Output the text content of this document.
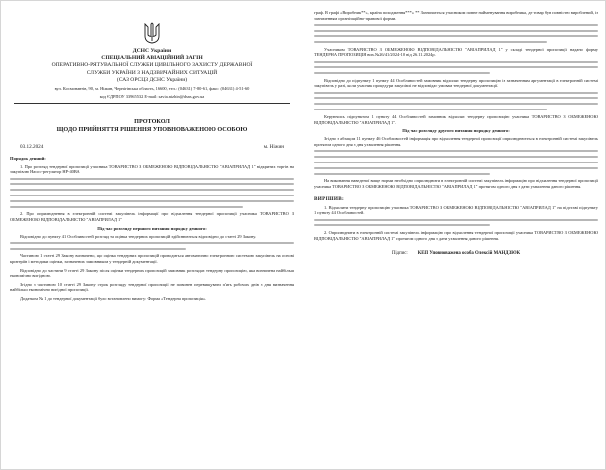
ДСНС України
СПЕЦІАЛЬНИЙ АВІАЦІЙНИЙ ЗАГІН
ОПЕРАТИВНО-РЯТУВАЛЬНОЇ СЛУЖБИ ЦИВІЛЬНОГО ЗАХИСТУ ДЕРЖАВНОЇ
СЛУЖБИ УКРАЇНИ З НАДЗВИЧАЙНИХ СИТУАЦІЙ
(САЗ ОРСЦЗ ДСНС України)
вул. Космонавтів, 90, м. Ніжин, Чернігівська область, 16600, тел.: (04631) 7-80-61, факс: (04631) 4-51-60
код ЄДРПОУ 33965532 E-mail: saviа.nizhin@dsns.gov.ua
ПРОТОКОЛ
ЩОДО ПРИЙНЯТТЯ РІШЕННЯ УПОВНОВАЖЕНОЮ ОСОБОЮ
03.12.2024	м. Ніжин
Порядок денний:
1. Про розгляд тендерної пропозиції учасника ТОВАРИСТВО З ОБМЕЖЕНОЮ ВІДПОВІДАЛЬНІСТЮ "АВІАПРИЛАД 1" відкритих торгів на закупівлю Насос-регулятор НР-40ВА
2. Про оприлюднення в електронній системі закупівель інформації про відхилення тендерної пропозиції учасника ТОВАРИСТВО З ОБМЕЖЕНОЮ ВІДПОВІДАЛЬНІСТЮ "АВІАПРИЛАД 1"
Під час розгляду першого питання порядку денного:
Відповідно до пункту 41 Особливостей розгляд та оцінка тендерних пропозицій здійснюються відповідно до статті 29 Закону.
Частиною 1 статті 29 Закону визначено, що оцінка тендерних пропозицій проводиться автоматично електронною системою закупівель на основі критеріїв і методики оцінки, зазначених замовником у тендерній документації.
Відповідно до частини 9 статті 29 Закону після оцінки тендерних пропозицій замовник розглядає тендерну пропозицію, яка визначена найбільш економічно вигідною.
Згідно з частиною 10 статті 29 Закону строк розгляду тендерної пропозиції не повинен перевищувати п'ять робочих днів з дня визначення найбільш економічно вигідної пропозиції.
Додатком № 1 до тендерної документації було встановлено вимогу: Форма «Тендерна пропозиція».
граф. В графі «Виробник**», країна походження***» ** Зазначається учасником повне найменування виробника, де товар був повністю вироблений, із зазначенням організаційно-правової форми.
Учасником ТОВАРИСТВО З ОБМЕЖЕНОЮ ВІДПОВІДАЛЬНІСТЮ "АВІАПРИЛАД 1" у складі тендерної пропозиції надано форму ТЕНДЕРНА ПРОПОЗИЦІЯ вих.№26/41/2024-10 від 26.11.2024р.
Відповідно до підпункту 1 пункту 44 Особливостей замовник відхиляє тендерну пропозицію із зазначенням аргументації в електронній системі закупівель у разі, коли учасник процедури закупівлі не відповідає умовам тендерної документації.
Керуючись підпунктом 1 пункту 44 Особливостей замовник відхиляє тендерну пропозицію учасника ТОВАРИСТВО З ОБМЕЖЕНОЮ ВІДПОВІДАЛЬНІСТЮ "АВІАПРИЛАД 1".
Під час розгляду другого питання порядку денного:
Згідно з абзацом 11 пункту 46 Особливостей інформація про відхилення тендерної пропозиції оприлюднюється в електронній системі закупівель протягом одного дня з дня ухвалення рішення.
На виконання наведеної вище норми необхідно оприлюднити в електронній системі закупівель інформацію про відхилення тендерної пропозиції учасника ТОВАРИСТВО З ОБМЕЖЕНОЮ ВІДПОВІДАЛЬНІСТЮ "АВІАПРИЛАД 1" протягом одного дня з дати ухвалення даного рішення.
ВИРІШИВ:
1. Відхилити тендерну пропозицію учасника ТОВАРИСТВО З ОБМЕЖЕНОЮ ВІДПОВІДАЛЬНІСТЮ "АВІАПРИЛАД 1" на підставі підпункту 1 пункту 44 Особливостей.
2. Оприлюднити в електронній системі закупівель інформацію про відхилення тендерної пропозиції учасника ТОВАРИСТВО З ОБМЕЖЕНОЮ ВІДПОВІДАЛЬНІСТЮ "АВІАПРИЛАД 1" протягом одного дня з дати ухвалення даного рішення.
Підпис: КЕП Уповноважена особа Олексій МАНДЗЮК
